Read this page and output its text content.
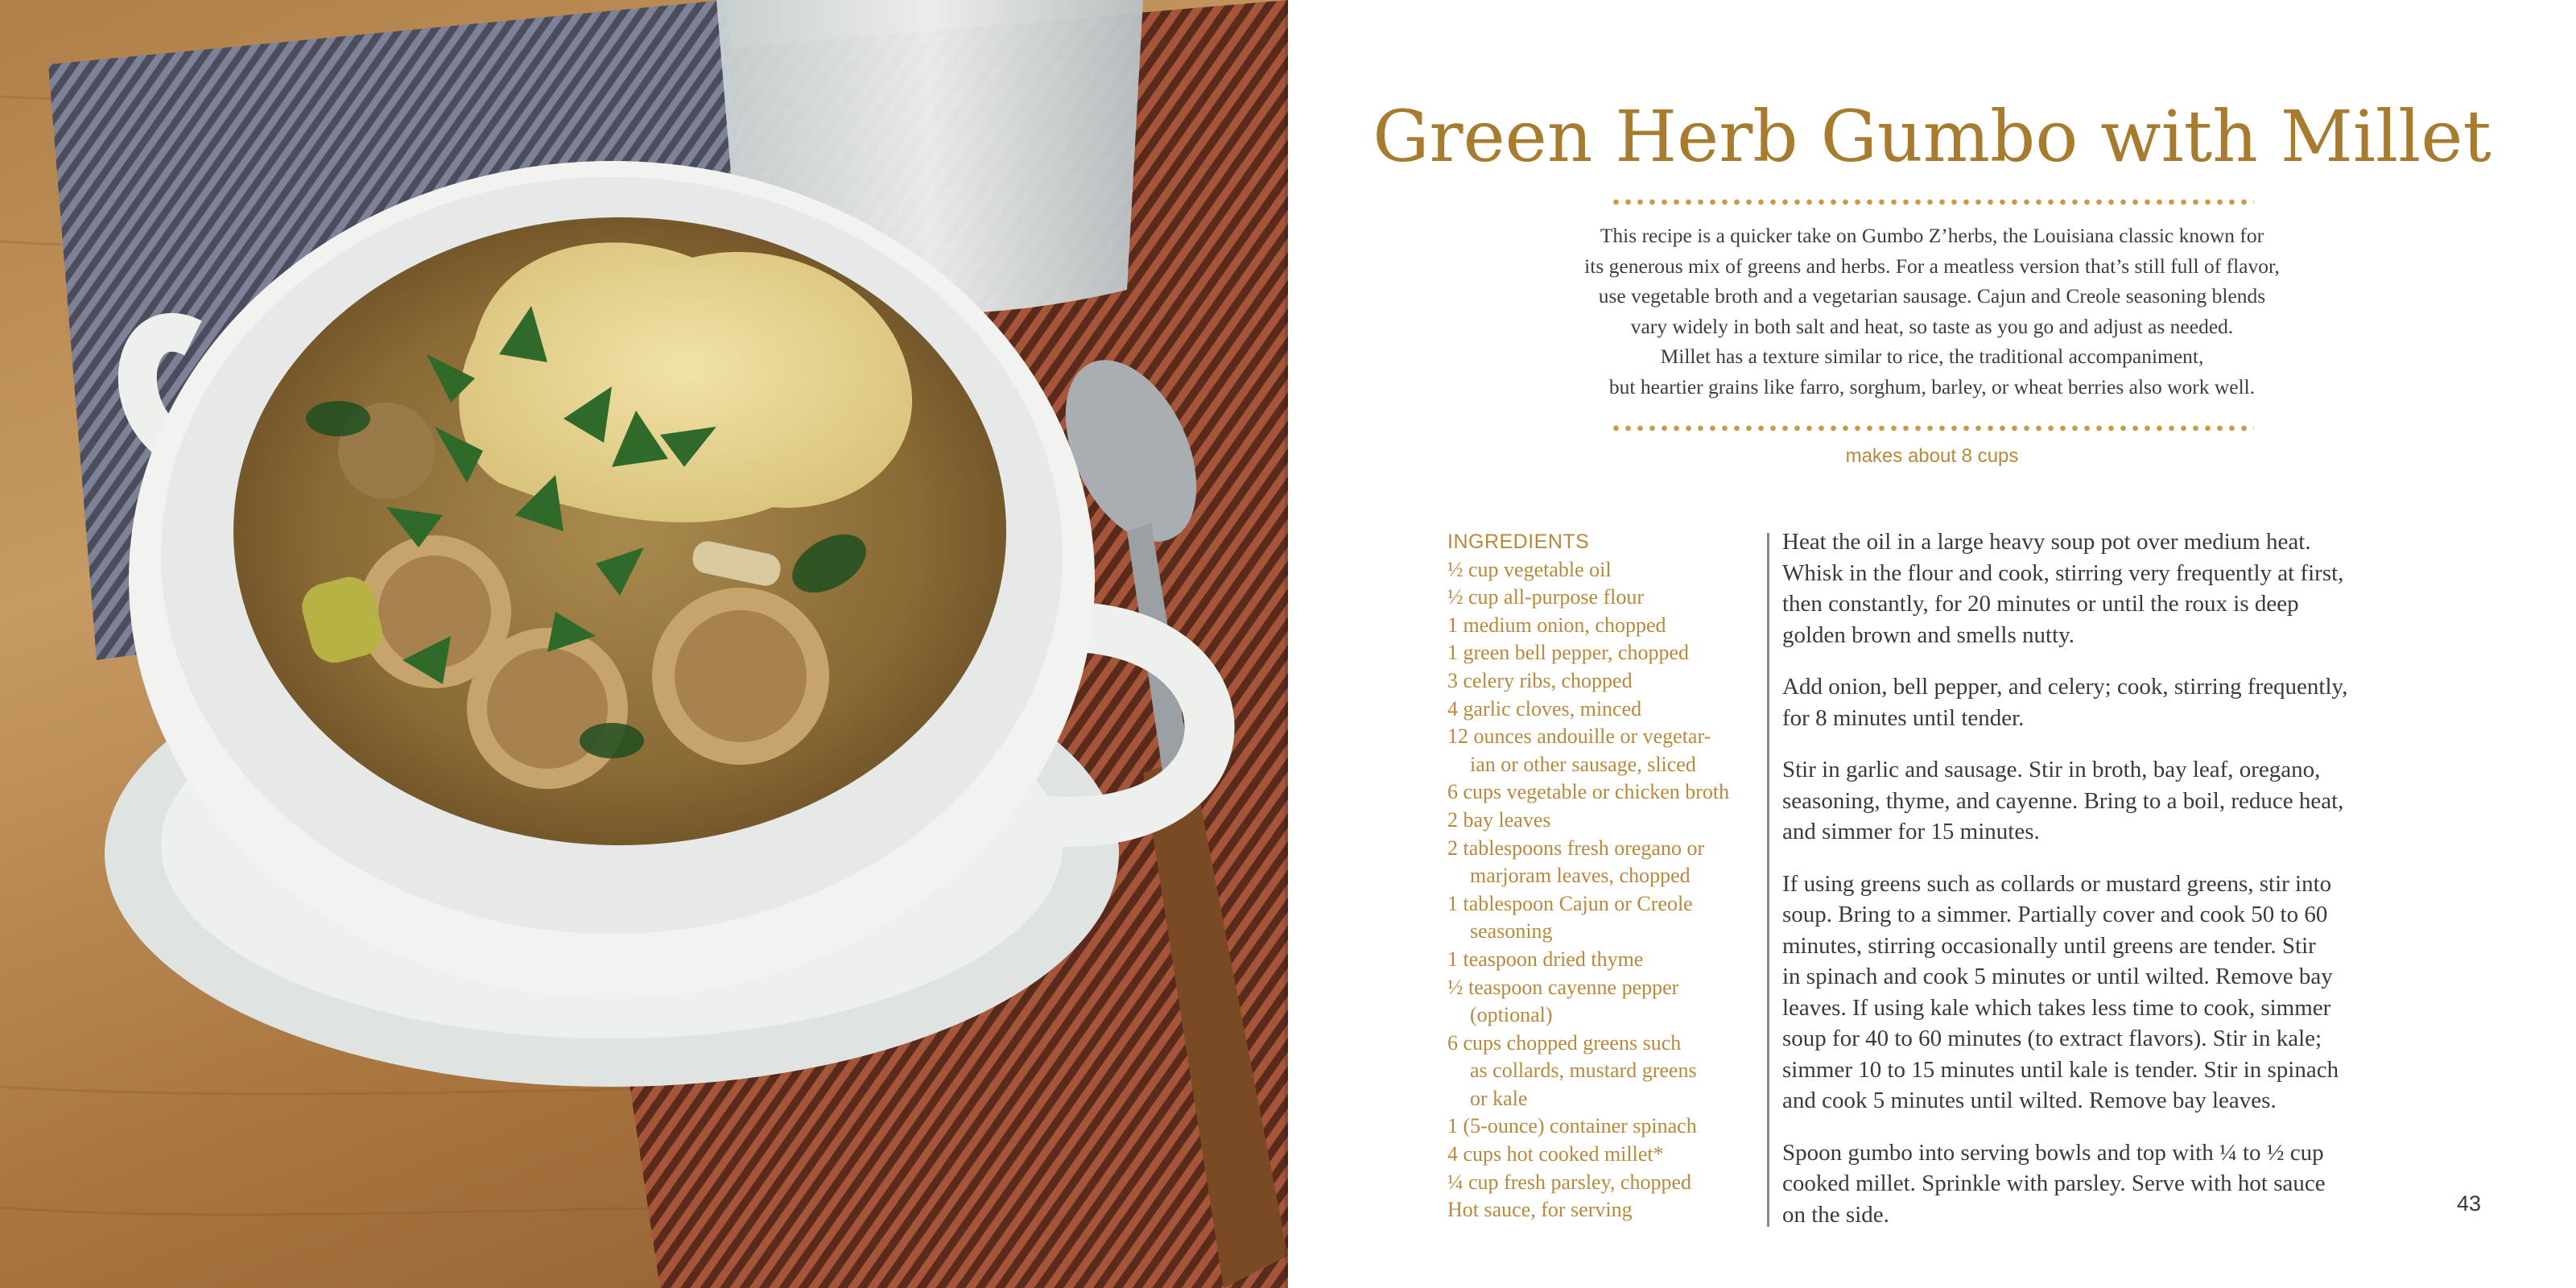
Green Herb Gumbo with Millet
This recipe is a quicker take on Gumbo Z’herbs, the Louisiana classic known for
its generous mix of greens and herbs. For a meatless version that’s still full of flavor,
use vegetable broth and a vegetarian sausage. Cajun and Creole seasoning blends
vary widely in both salt and heat, so taste as you go and adjust as needed.
Millet has a texture similar to rice, the traditional accompaniment,
but heartier grains like farro, sorghum, barley, or wheat berries also work well.
makes about 8 cups
INGREDIENTS
½ cup vegetable oil
½ cup all-purpose flour
1 medium onion, chopped
1 green bell pepper, chopped
3 celery ribs, chopped
4 garlic cloves, minced
12 ounces andouille or vegetar-
ian or other sausage, sliced
6 cups vegetable or chicken broth
2 bay leaves
2 tablespoons fresh oregano or
marjoram leaves, chopped
1 tablespoon Cajun or Creole
seasoning
1 teaspoon dried thyme
½ teaspoon cayenne pepper
(optional)
6 cups chopped greens such
as collards, mustard greens
or kale
1 (5-ounce) container spinach
4 cups hot cooked millet*
¼ cup fresh parsley, chopped
Hot sauce, for serving
Heat the oil in a large heavy soup pot over medium heat.
Whisk in the flour and cook, stirring very frequently at first,
then constantly, for 20 minutes or until the roux is deep
golden brown and smells nutty.
Add onion, bell pepper, and celery; cook, stirring frequently,
for 8 minutes until tender.
Stir in garlic and sausage. Stir in broth, bay leaf, oregano,
seasoning, thyme, and cayenne. Bring to a boil, reduce heat,
and simmer for 15 minutes.
If using greens such as collards or mustard greens, stir into
soup. Bring to a simmer. Partially cover and cook 50 to 60
minutes, stirring occasionally until greens are tender. Stir
in spinach and cook 5 minutes or until wilted. Remove bay
leaves. If using kale which takes less time to cook, simmer
soup for 40 to 60 minutes (to extract flavors). Stir in kale;
simmer 10 to 15 minutes until kale is tender. Stir in spinach
and cook 5 minutes until wilted. Remove bay leaves.
Spoon gumbo into serving bowls and top with ¼ to ½ cup
cooked millet. Sprinkle with parsley. Serve with hot sauce
on the side.	43
